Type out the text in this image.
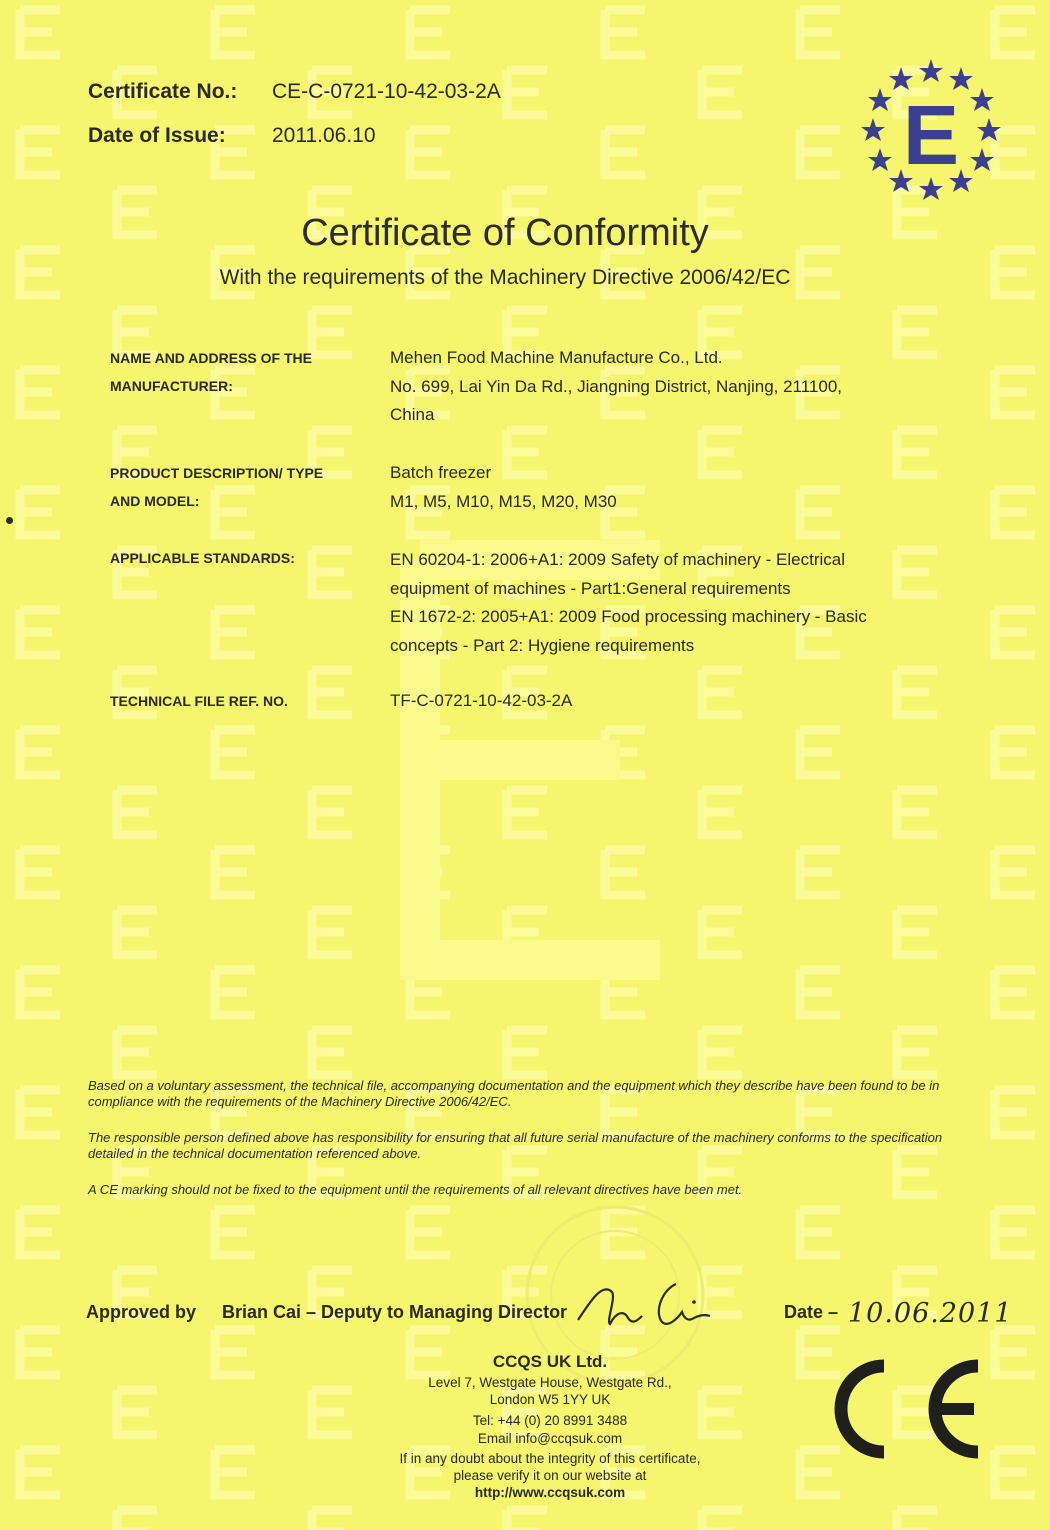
Certificate No.: CE-C-0721-10-42-03-2A
Date of Issue: 2011.06.10	E
Certificate of Conformity
With the requirements of the Machinery Directive 2006/42/EC
NAME AND ADDRESS OF THE
MANUFACTURER:
Mehen Food Machine Manufacture Co., Ltd.
No. 699, Lai Yin Da Rd., Jiangning District, Nanjing, 211100,
China
PRODUCT DESCRIPTION/ TYPE
AND MODEL:
Batch freezer
M1, M5, M10, M15, M20, M30
APPLICABLE STANDARDS:	EN 60204-1: 2006+A1: 2009 Safety of machinery - Electrical
equipment of machines - Part1:General requirements
EN 1672-2: 2005+A1: 2009 Food processing machinery - Basic
concepts - Part 2: Hygiene requirements
TECHNICAL FILE REF. NO.	TF-C-0721-10-42-03-2A
Based on a voluntary assessment, the technical file, accompanying documentation and the equipment which they describe have been found to be in compliance with the requirements of the Machinery Directive 2006/42/EC.
The responsible person defined above has responsibility for ensuring that all future serial manufacture of the machinery conforms to the specification detailed in the technical documentation referenced above.
A CE marking should not be fixed to the equipment until the requirements of all relevant directives have been met.
Approved by Brian Cai – Deputy to Managing Director	Date – 10.06.2011
CCQS UK Ltd.
Level 7, Westgate House, Westgate Rd.,
London W5 1YY UK
Tel: +44 (0) 20 8991 3488
Email info@ccqsuk.com
If in any doubt about the integrity of this certificate,
please verify it on our website at
http://www.ccqsuk.com
CE
